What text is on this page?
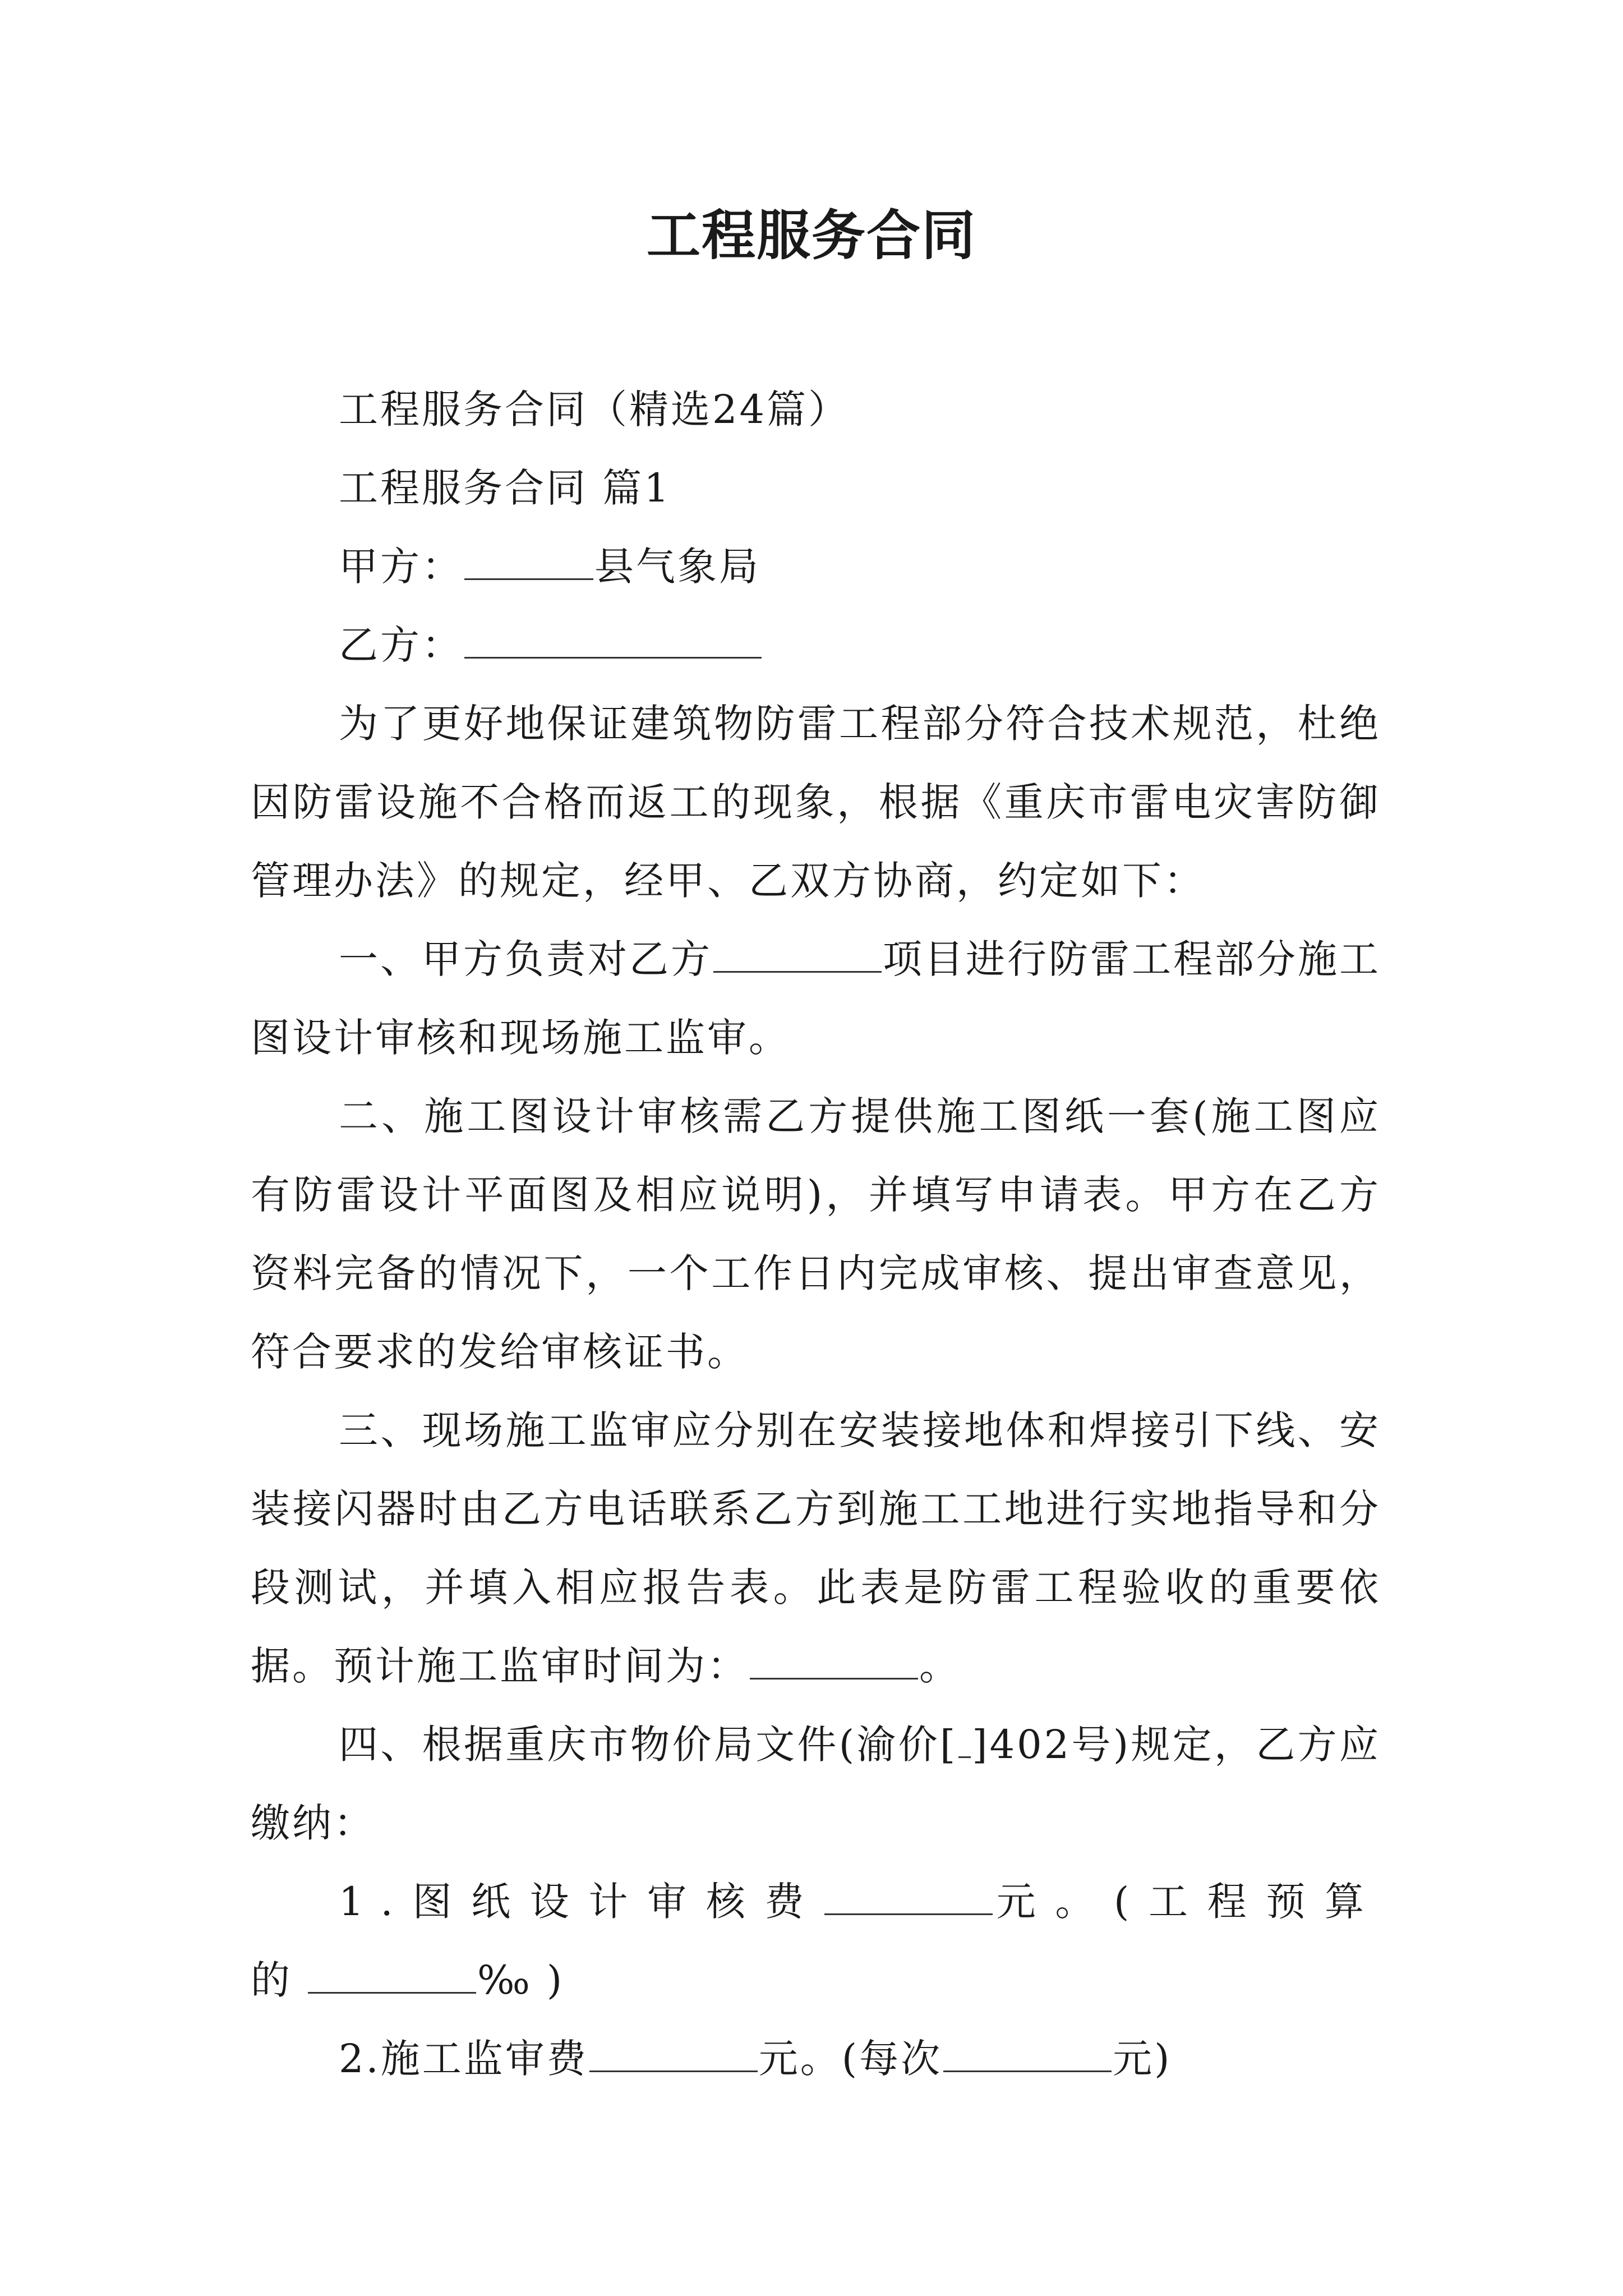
工程服务合同
工程服务合同（精选24篇）
工程服务合同 篇1
甲方：	县气象局
乙方：

为了更好地保证建筑物防雷工程部分符合技术规范，杜绝因防雷设施不合格而返工的现象，根据《重庆市雷电灾害防御管理办法》的规定，经甲、乙双方协商，约定如下：

一、甲方负责对乙方	项目进行防雷工程部分施工图设计审核和现场施工监审。

二、施工图设计审核需乙方提供施工图纸一套(施工图应有防雷设计平面图及相应说明)，并填写申请表。甲方在乙方资料完备的情况下，一个工作日内完成审核、提出审查意见，符合要求的发给审核证书。

三、现场施工监审应分别在安装接地体和焊接引下线、安装接闪器时由乙方电话联系乙方到施工工地进行实地指导和分段测试，并填入相应报告表。此表是防雷工程验收的重要依据。预计施工监审时间为：	。

四、根据重庆市物价局文件(渝价[ ]402号)规定，乙方应缴纳：

1.图纸设计审核费	元。(工程预算的	‰)

2.施工监审费	元。(每次	元)
